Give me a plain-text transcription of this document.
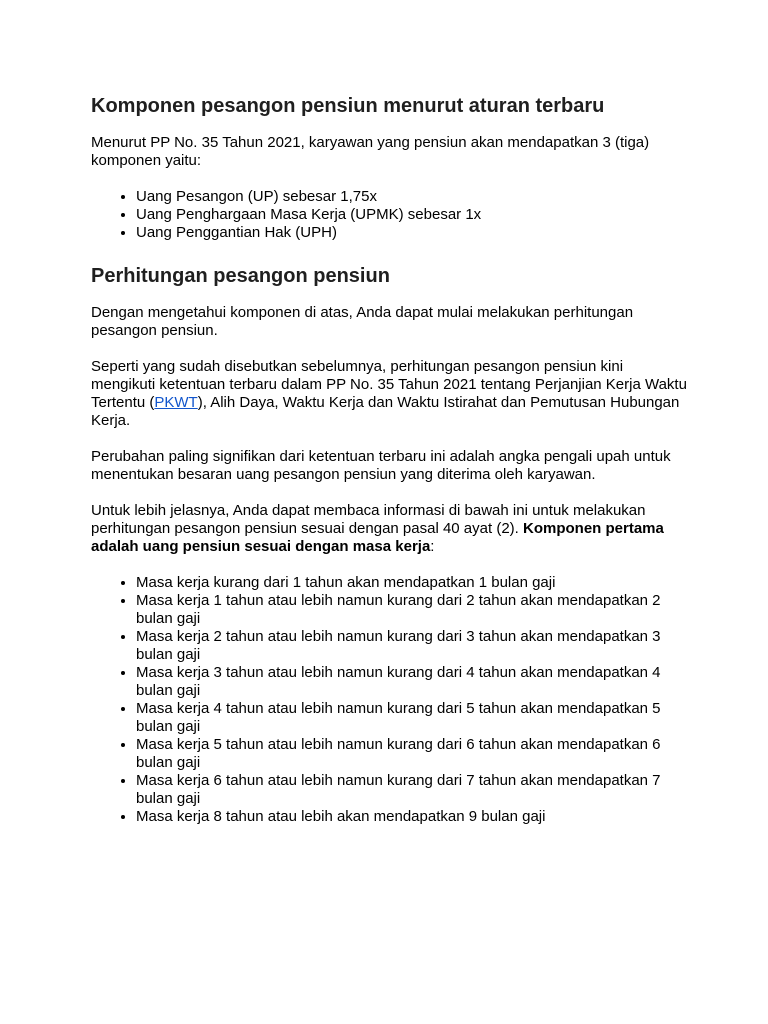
Komponen pesangon pensiun menurut aturan terbaru

Menurut PP No. 35 Tahun 2021, karyawan yang pensiun akan mendapatkan 3 (tiga) komponen yaitu:

• Uang Pesangon (UP) sebesar 1,75x
• Uang Penghargaan Masa Kerja (UPMK) sebesar 1x
• Uang Penggantian Hak (UPH)
Perhitungan pesangon pensiun

Dengan mengetahui komponen di atas, Anda dapat mulai melakukan perhitungan pesangon pensiun.

Seperti yang sudah disebutkan sebelumnya, perhitungan pesangon pensiun kini mengikuti ketentuan terbaru dalam PP No. 35 Tahun 2021 tentang Perjanjian Kerja Waktu Tertentu (PKWT), Alih Daya, Waktu Kerja dan Waktu Istirahat dan Pemutusan Hubungan Kerja.

Perubahan paling signifikan dari ketentuan terbaru ini adalah angka pengali upah untuk menentukan besaran uang pesangon pensiun yang diterima oleh karyawan.

Untuk lebih jelasnya, Anda dapat membaca informasi di bawah ini untuk melakukan perhitungan pesangon pensiun sesuai dengan pasal 40 ayat (2). Komponen pertama adalah uang pensiun sesuai dengan masa kerja:

• Masa kerja kurang dari 1 tahun akan mendapatkan 1 bulan gaji
• Masa kerja 1 tahun atau lebih namun kurang dari 2 tahun akan mendapatkan 2 bulan gaji
• Masa kerja 2 tahun atau lebih namun kurang dari 3 tahun akan mendapatkan 3 bulan gaji
• Masa kerja 3 tahun atau lebih namun kurang dari 4 tahun akan mendapatkan 4 bulan gaji
• Masa kerja 4 tahun atau lebih namun kurang dari 5 tahun akan mendapatkan 5 bulan gaji
• Masa kerja 5 tahun atau lebih namun kurang dari 6 tahun akan mendapatkan 6 bulan gaji
• Masa kerja 6 tahun atau lebih namun kurang dari 7 tahun akan mendapatkan 7 bulan gaji
• Masa kerja 8 tahun atau lebih akan mendapatkan 9 bulan gaji
